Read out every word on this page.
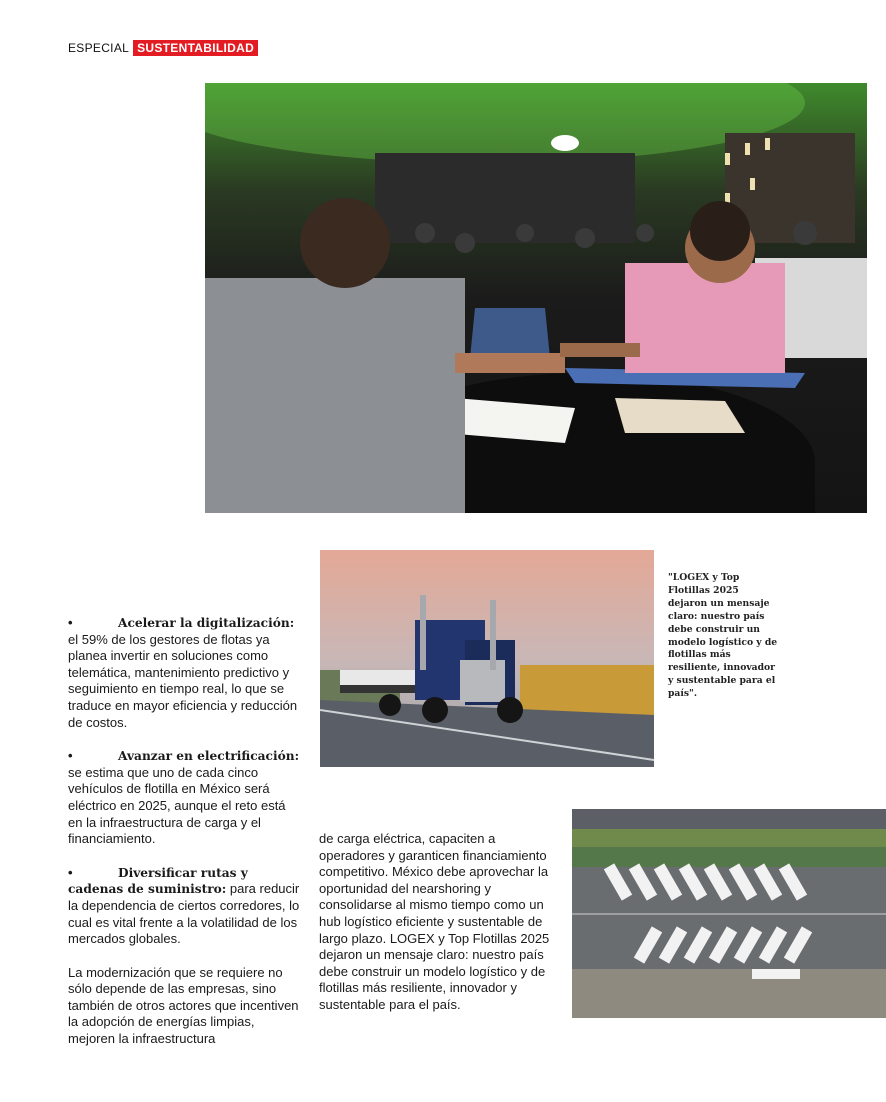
ESPECIAL SUSTENTABILIDAD
"LOGEX y Top Flotillas 2025 dejaron un mensaje claro: nuestro país debe construir un modelo logístico y de flotillas más resiliente, innovador y sustentable para el país".

•	Acelerar la digitalización: el 59% de los gestores de flotas ya planea invertir en soluciones como telemática, mantenimiento predictivo y seguimiento en tiempo real, lo que se traduce en mayor eficiencia y reducción de costos.

•	Avanzar en electrificación: se estima que uno de cada cinco vehículos de flotilla en México será eléctrico en 2025, aunque el reto está en la infraestructura de carga y el financiamiento.

•	Diversificar rutas y cadenas de suministro: para reducir la dependencia de ciertos corredores, lo cual es vital frente a la volatilidad de los mercados globales.

La modernización que se requiere no sólo depende de las empresas, sino también de otros actores que incentiven la adopción de energías limpias, mejoren la infraestructura

de carga eléctrica, capaciten a operadores y garanticen financiamiento competitivo. México debe aprovechar la oportunidad del nearshoring y consolidarse al mismo tiempo como un hub logístico eficiente y sustentable de largo plazo. LOGEX y Top Flotillas 2025 dejaron un mensaje claro: nuestro país debe construir un modelo logístico y de flotillas más resiliente, innovador y sustentable para el país.
